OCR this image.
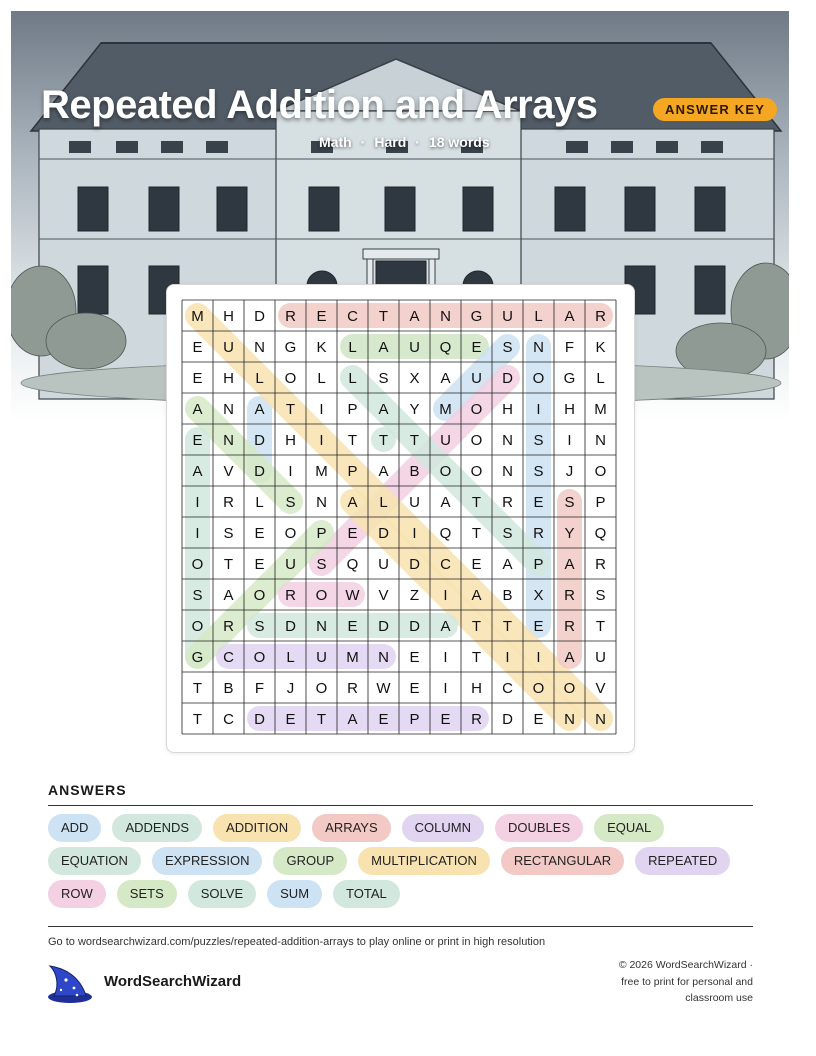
Repeated Addition and Arrays	ANSWER KEY
Math · Hard · 18 words
M H D R E C T A N G U L A R
E U N G K L A U Q E S N F K
E H L O L L S X A U D O G L
A N A T I P A Y M O H I H M
E N D H I T T T U O N S I N
A V D I M P A B O O N S J O
I R L S N A L U A T R E S P
I S E O P E D I Q T S R Y Q
O T E U S Q U D C E A P A R
S A O R O W V Z I A B X R S
O R S D N E D D A T T E R T
G C O L U M N E I T I I A U
T B F J O R W E I H C O O V
T C D E T A E P E R D E N N
ANSWERS
ADD	ADDENDS	ADDITION	ARRAYS	COLUMN	DOUBLES	EQUAL
EQUATION	EXPRESSION	GROUP	MULTIPLICATION	RECTANGULAR	REPEATED
ROW	SETS	SOLVE	SUM	TOTAL
Go to wordsearchwizard.com/puzzles/repeated-addition-arrays to play online or print in high resolution
WordSearchWizard
© 2026 WordSearchWizard ·
free to print for personal and
classroom use
